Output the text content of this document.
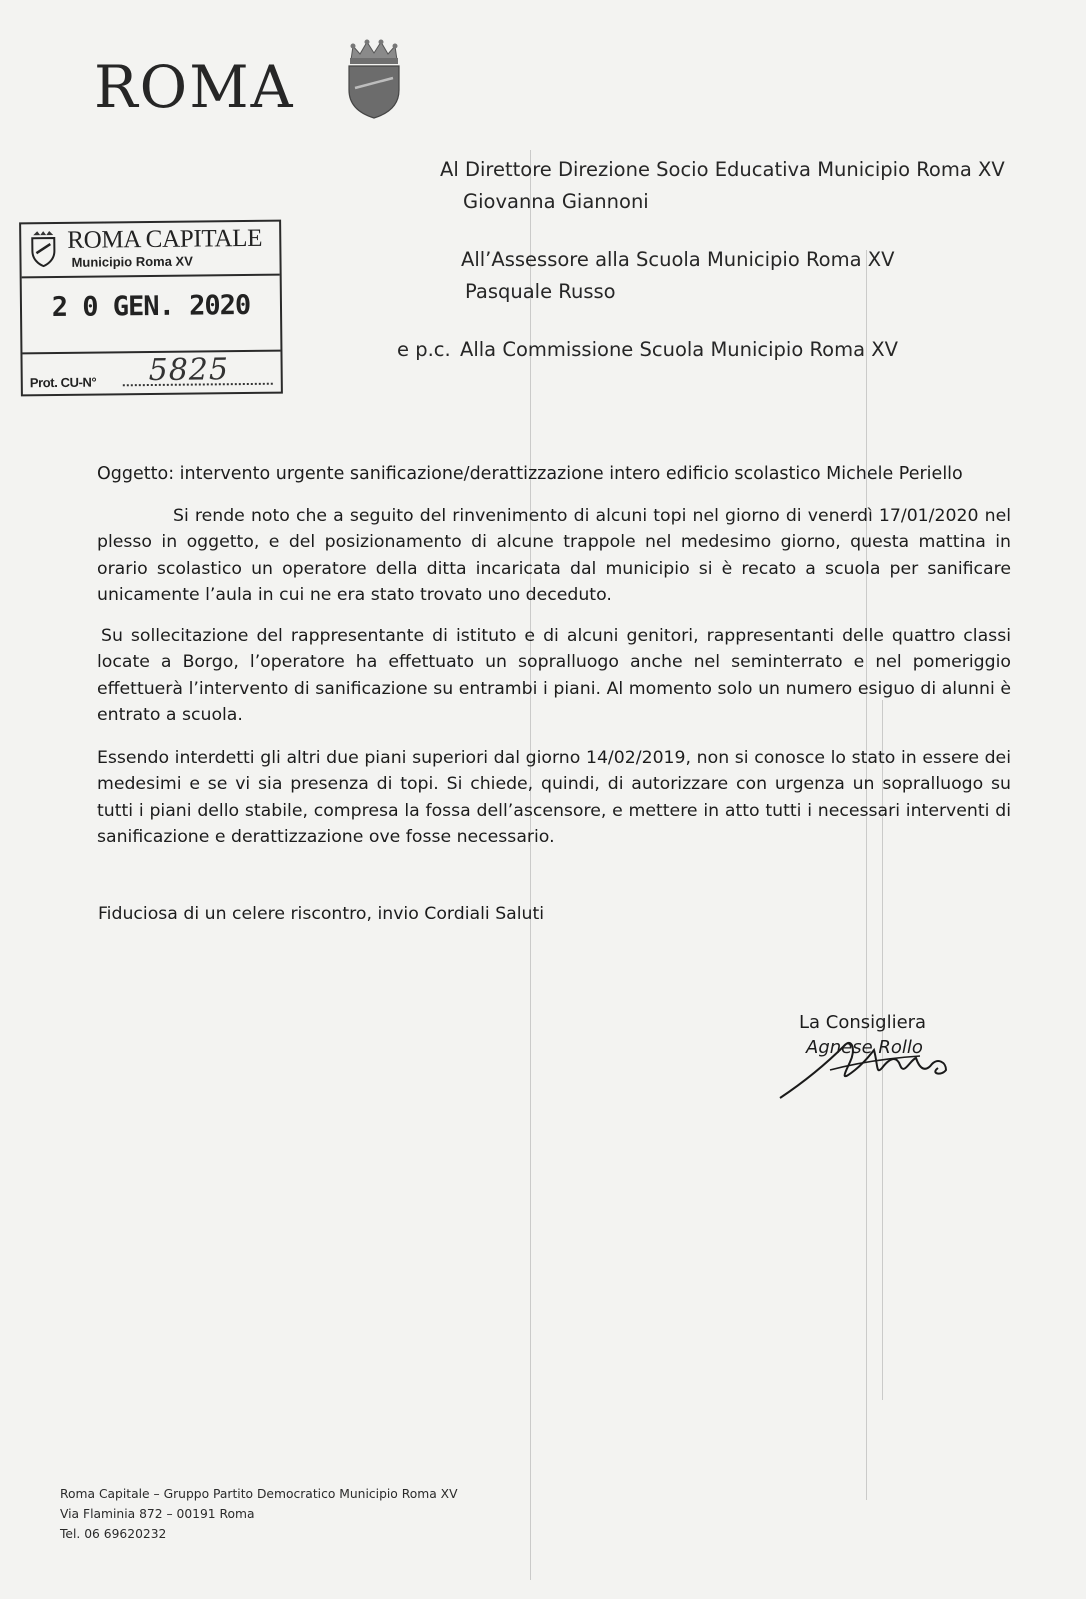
ROMA
ROMA CAPITALE
Municipio Roma XV
2 0 GEN. 2020
Prot. CU-N° 5825
Al Direttore Direzione Socio Educativa Municipio Roma XV
Giovanna Giannoni
All’Assessore alla Scuola Municipio Roma XV
Pasquale Russo
e p.c. Alla Commissione Scuola Municipio Roma XV
Oggetto: intervento urgente sanificazione/derattizzazione intero edificio scolastico Michele Periello

Si rende noto che a seguito del rinvenimento di alcuni topi nel giorno di venerdì 17/01/2020 nel plesso in oggetto, e del posizionamento di alcune trappole nel medesimo giorno, questa mattina in orario scolastico un operatore della ditta incaricata dal municipio si è recato a scuola per sanificare unicamente l’aula in cui ne era stato trovato uno deceduto.

Su sollecitazione del rappresentante di istituto e di alcuni genitori, rappresentanti delle quattro classi locate a Borgo, l’operatore ha effettuato un sopralluogo anche nel seminterrato e nel pomeriggio effettuerà l’intervento di sanificazione su entrambi i piani. Al momento solo un numero esiguo di alunni è entrato a scuola.

Essendo interdetti gli altri due piani superiori dal giorno 14/02/2019, non si conosce lo stato in essere dei medesimi e se vi sia presenza di topi. Si chiede, quindi, di autorizzare con urgenza un sopralluogo su tutti i piani dello stabile, compresa la fossa dell’ascensore, e mettere in atto tutti i necessari interventi di sanificazione e derattizzazione ove fosse necessario.

Fiduciosa di un celere riscontro, invio Cordiali Saluti
La Consigliera
Agnese Rollo
Roma Capitale – Gruppo Partito Democratico Municipio Roma XV
Via Flaminia 872 – 00191 Roma
Tel. 06 69620232
